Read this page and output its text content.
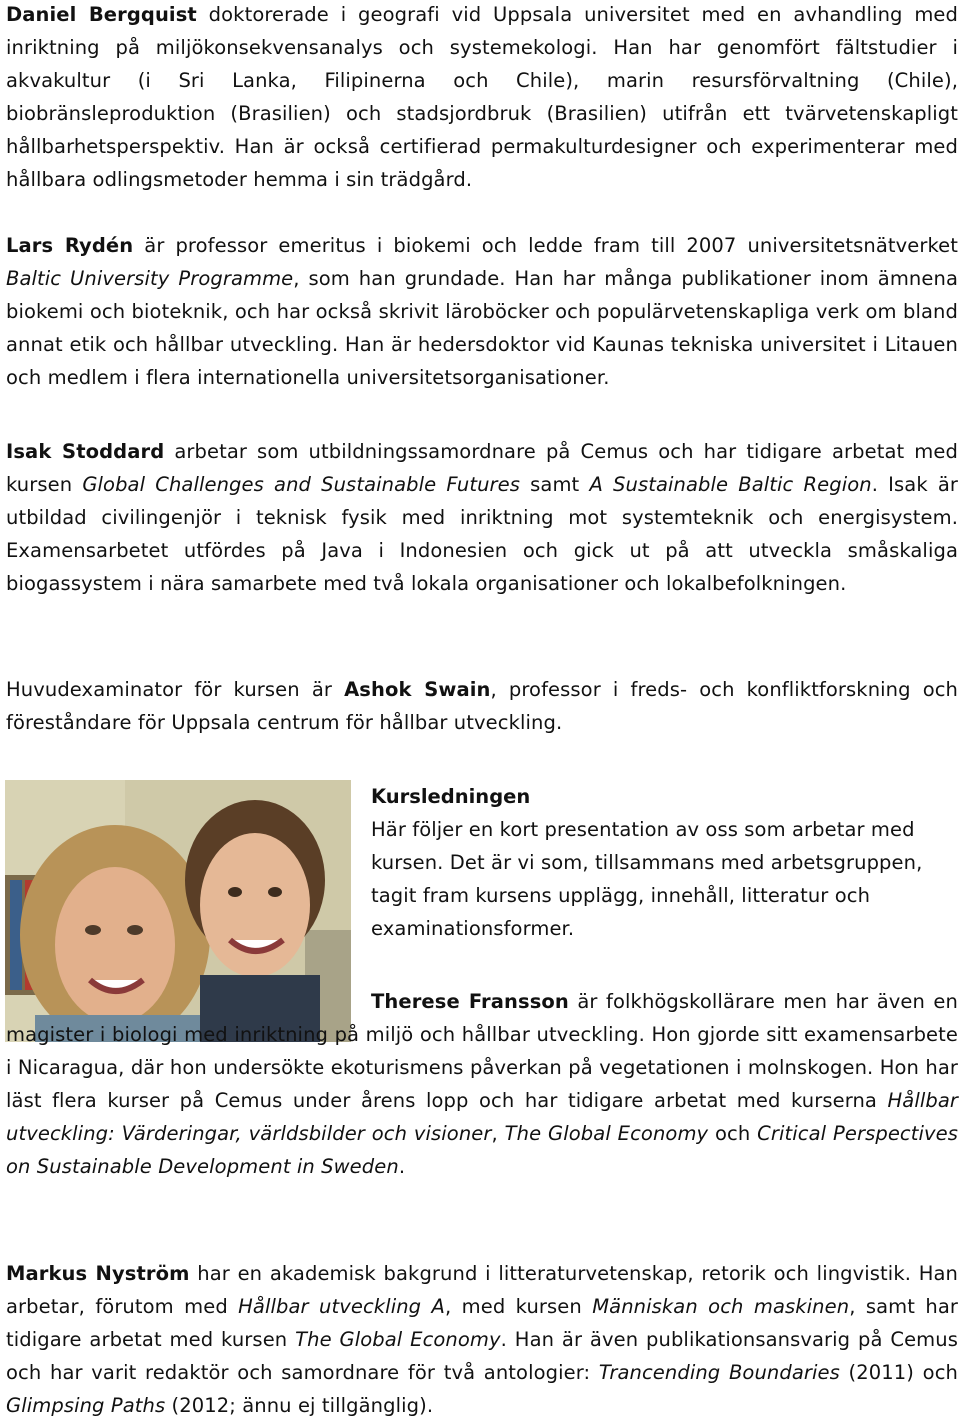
Daniel Bergquist doktorerade i geografi vid Uppsala universitet med en avhandling med inriktning på miljökonsekvensanalys och systemekologi. Han har genomfört fältstudier i akvakultur (i Sri Lanka, Filipinerna och Chile), marin resursförvaltning (Chile), biobränsleproduktion (Brasilien) och stadsjordbruk (Brasilien) utifrån ett tvärvetenskapligt hållbarhetsperspektiv. Han är också certifierad permakulturdesigner och experimenterar med hållbara odlingsmetoder hemma i sin trädgård.

Lars Rydén är professor emeritus i biokemi och ledde fram till 2007 universitetsnätverket Baltic University Programme, som han grundade. Han har många publikationer inom ämnena biokemi och bioteknik, och har också skrivit läroböcker och populärvetenskapliga verk om bland annat etik och hållbar utveckling. Han är hedersdoktor vid Kaunas tekniska universitet i Litauen och medlem i flera internationella universitetsorganisationer.

Isak Stoddard arbetar som utbildningssamordnare på Cemus och har tidigare arbetat med kursen Global Challenges and Sustainable Futures samt A Sustainable Baltic Region. Isak är utbildad civilingenjör i teknisk fysik med inriktning mot systemteknik och energisystem. Examensarbetet utfördes på Java i Indonesien och gick ut på att utveckla småskaliga biogassystem i nära samarbete med två lokala organisationer och lokalbefolkningen.

Huvudexaminator för kursen är Ashok Swain, professor i freds- och konfliktforskning och föreståndare för Uppsala centrum för hållbar utveckling.

Kursledningen

Här följer en kort presentation av oss som arbetar med kursen. Det är vi som, tillsammans med arbetsgruppen, tagit fram kursens upplägg, innehåll, litteratur och examinationsformer.

Therese Fransson är folkhögskollärare men har även en magister i biologi med inriktning på miljö och hållbar utveckling. Hon gjorde sitt examensarbete i Nicaragua, där hon undersökte ekoturismens påverkan på vegetationen i molnskogen. Hon har läst flera kurser på Cemus under årens lopp och har tidigare arbetat med kurserna Hållbar utveckling: Värderingar, världsbilder och visioner, The Global Economy och Critical Perspectives on Sustainable Development in Sweden.

Markus Nyström har en akademisk bakgrund i litteraturvetenskap, retorik och lingvistik. Han arbetar, förutom med Hållbar utveckling A, med kursen Människan och maskinen, samt har tidigare arbetat med kursen The Global Economy. Han är även publikationsansvarig på Cemus och har varit redaktör och samordnare för två antologier: Trancending Boundaries (2011) och Glimpsing Paths (2012; ännu ej tillgänglig).
